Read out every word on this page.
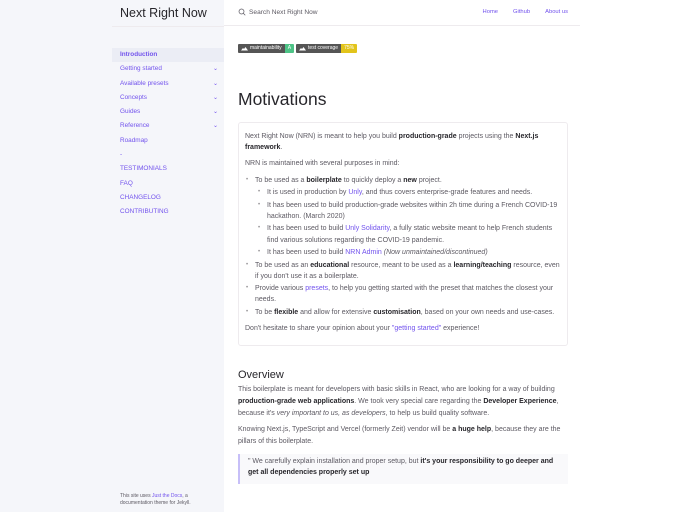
Next Right Now
Introduction
Getting started	⌄
Available presets	⌄
Concepts	⌄
Guides	⌄
Reference	⌄
Roadmap
-
TESTIMONIALS
FAQ
CHANGELOG
CONTRIBUTING
This site uses Just the Docs, a documentation theme for Jekyll.
Search Next Right Now	Home	Github	About us
maintainability	A	test coverage	75%
Motivations

Next Right Now (NRN) is meant to help you build production-grade projects using the Next.js framework.

NRN is maintained with several purposes in mind:

• To be used as a boilerplate to quickly deploy a new project.
• It is used in production by Unly, and thus covers enterprise-grade features and needs.
• It has been used to build production-grade websites within 2h time during a French COVID-19 hackathon. (March 2020)
• It has been used to build Unly Solidarity, a fully static website meant to help French students find various solutions regarding the COVID-19 pandemic.
• It has been used to build NRN Admin (Now unmaintained/discontinued)
• To be used as an educational resource, meant to be used as a learning/teaching resource, even if you don't use it as a boilerplate.
• Provide various presets, to help you getting started with the preset that matches the closest your needs.
• To be flexible and allow for extensive customisation, based on your own needs and use-cases.

Don't hesitate to share your opinion about your "getting started" experience!

Overview

This boilerplate is meant for developers with basic skills in React, who are looking for a way of building production-grade web applications. We took very special care regarding the Developer Experience, because it's very important to us, as developers, to help us build quality software.

Knowing Next.js, TypeScript and Vercel (formerly Zeit) vendor will be a huge help, because they are the pillars of this boilerplate.

" We carefully explain installation and proper setup, but it's your responsibility to go deeper and get all dependencies properly set up
